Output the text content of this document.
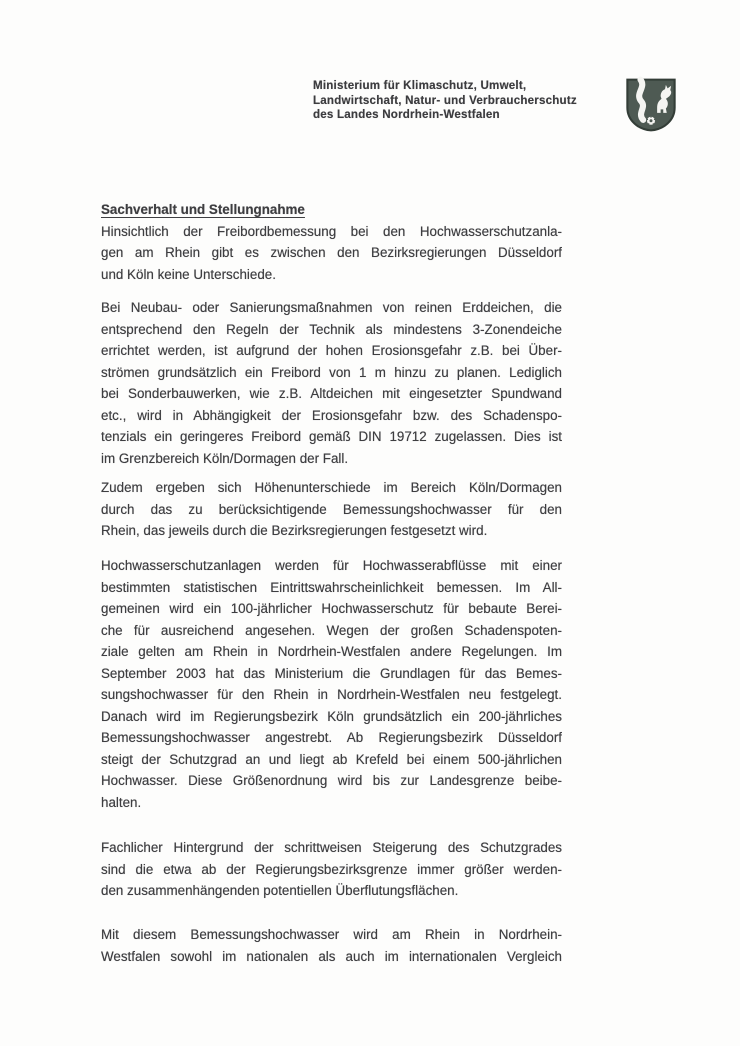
Ministerium für Klimaschutz, Umwelt,
Landwirtschaft, Natur- und Verbraucherschutz
des Landes Nordrhein-Westfalen
Sachverhalt und Stellungnahme
Hinsichtlich der Freibordbemessung bei den Hochwasserschutzanla-
gen am Rhein gibt es zwischen den Bezirksregierungen Düsseldorf
und Köln keine Unterschiede.
Bei Neubau- oder Sanierungsmaßnahmen von reinen Erddeichen, die
entsprechend den Regeln der Technik als mindestens 3-Zonendeiche
errichtet werden, ist aufgrund der hohen Erosionsgefahr z.B. bei Über-
strömen grundsätzlich ein Freibord von 1 m hinzu zu planen. Lediglich
bei Sonderbauwerken, wie z.B. Altdeichen mit eingesetzter Spundwand
etc., wird in Abhängigkeit der Erosionsgefahr bzw. des Schadenspo-
tenzials ein geringeres Freibord gemäß DIN 19712 zugelassen. Dies ist
im Grenzbereich Köln/Dormagen der Fall.
Zudem ergeben sich Höhenunterschiede im Bereich Köln/Dormagen
durch das zu berücksichtigende Bemessungshochwasser für den
Rhein, das jeweils durch die Bezirksregierungen festgesetzt wird.
Hochwasserschutzanlagen werden für Hochwasserabflüsse mit einer
bestimmten statistischen Eintrittswahrscheinlichkeit bemessen. Im All-
gemeinen wird ein 100-jährlicher Hochwasserschutz für bebaute Berei-
che für ausreichend angesehen. Wegen der großen Schadenspoten-
ziale gelten am Rhein in Nordrhein-Westfalen andere Regelungen. Im
September 2003 hat das Ministerium die Grundlagen für das Bemes-
sungshochwasser für den Rhein in Nordrhein-Westfalen neu festgelegt.
Danach wird im Regierungsbezirk Köln grundsätzlich ein 200-jährliches
Bemessungshochwasser angestrebt. Ab Regierungsbezirk Düsseldorf
steigt der Schutzgrad an und liegt ab Krefeld bei einem 500-jährlichen
Hochwasser. Diese Größenordnung wird bis zur Landesgrenze beibe-
halten.
Fachlicher Hintergrund der schrittweisen Steigerung des Schutzgrades
sind die etwa ab der Regierungsbezirksgrenze immer größer werden-
den zusammenhängenden potentiellen Überflutungsflächen.
Mit diesem Bemessungshochwasser wird am Rhein in Nordrhein-
Westfalen sowohl im nationalen als auch im internationalen Vergleich
